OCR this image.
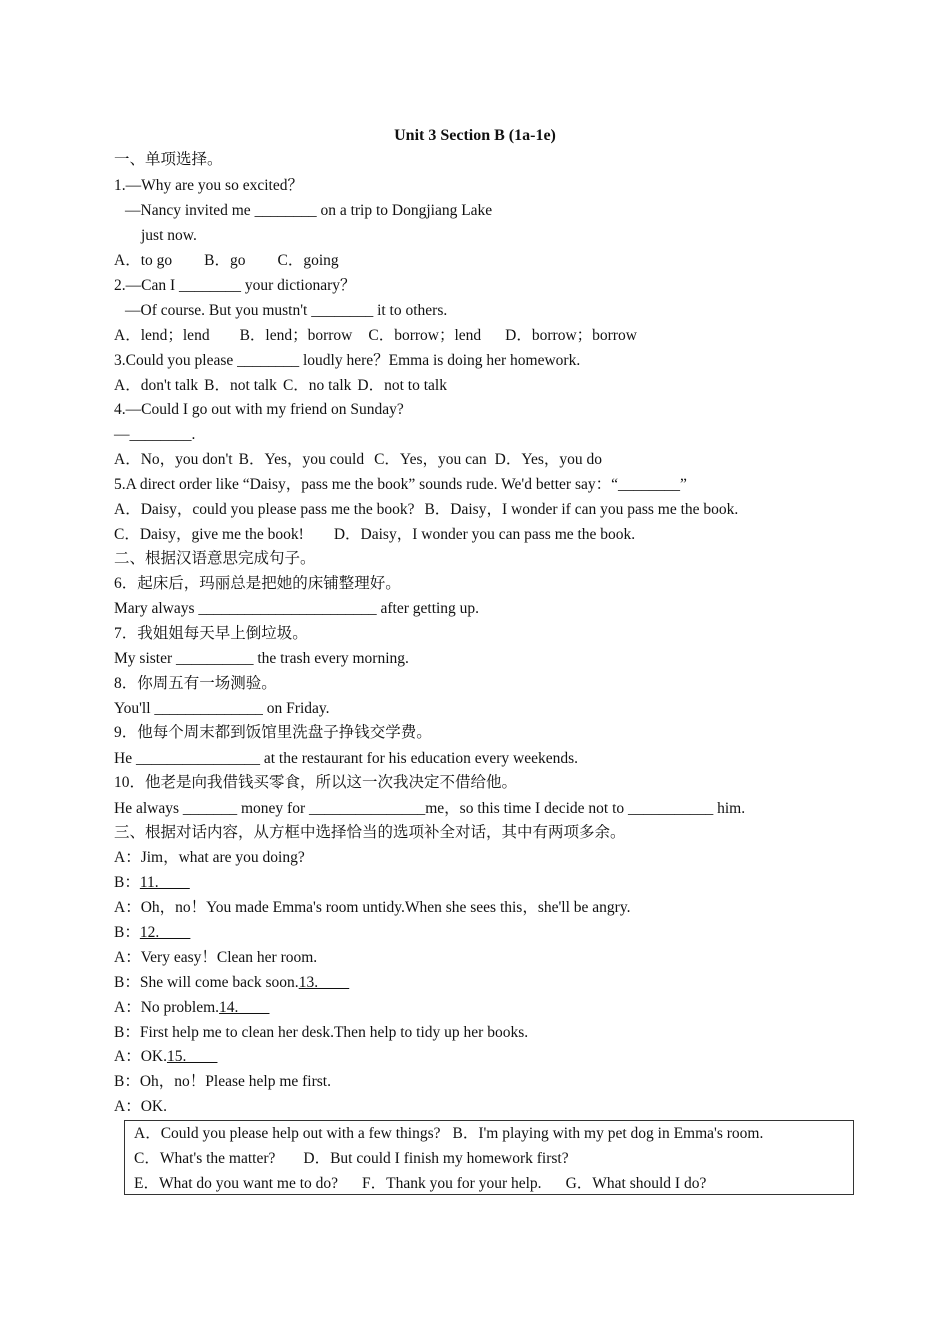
Unit 3 Section B (1a-1e)
一、单项选择。
1.—Why are you so excited？
—Nancy invited me ________ on a trip to Dongjiang Lake
just now.
A．to go B．go C．going
2.—Can I ________ your dictionary？
—Of course. But you mustn't ________ it to others.
A．lend；lend B．lend；borrow C．borrow；lend D．borrow；borrow
3.Could you please ________ loudly here？Emma is doing her homework.
A．don't talk B．not talk C．no talk D．not to talk
4.—Could I go out with my friend on Sunday?
—________.
A．No，you don't B．Yes，you could C．Yes，you can D．Yes，you do
5.A direct order like “Daisy，pass me the book” sounds rude. We'd better say：“________”
A．Daisy，could you please pass me the book? B．Daisy，I wonder if can you pass me the book.
C．Daisy，give me the book! D．Daisy，I wonder you can pass me the book.
二、根据汉语意思完成句子。
6．起床后，玛丽总是把她的床铺整理好。
Mary always _______________________ after getting up.
7．我姐姐每天早上倒垃圾。
My sister __________ the trash every morning.
8．你周五有一场测验。
You'll ______________ on Friday.
9．他每个周末都到饭馆里洗盘子挣钱交学费。
He ________________ at the restaurant for his education every weekends.
10．他老是向我借钱买零食，所以这一次我决定不借给他。
He always _______ money for _______________me，so this time I decide not to ___________ him.
三、根据对话内容，从方框中选择恰当的选项补全对话，其中有两项多余。
A：Jim，what are you doing?
B：11.____
A：Oh，no！You made Emma's room untidy.When she sees this，she'll be angry.
B：12.____
A：Very easy！Clean her room.
B：She will come back soon.13.____
A：No problem.14.____
B：First help me to clean her desk.Then help to tidy up her books.
A：OK.15.____
B：Oh，no！Please help me first.
A：OK.
A．Could you please help out with a few things? B．I'm playing with my pet dog in Emma's room.
C．What's the matter? D．But could I finish my homework first?
E．What do you want me to do? F．Thank you for your help. G．What should I do?
